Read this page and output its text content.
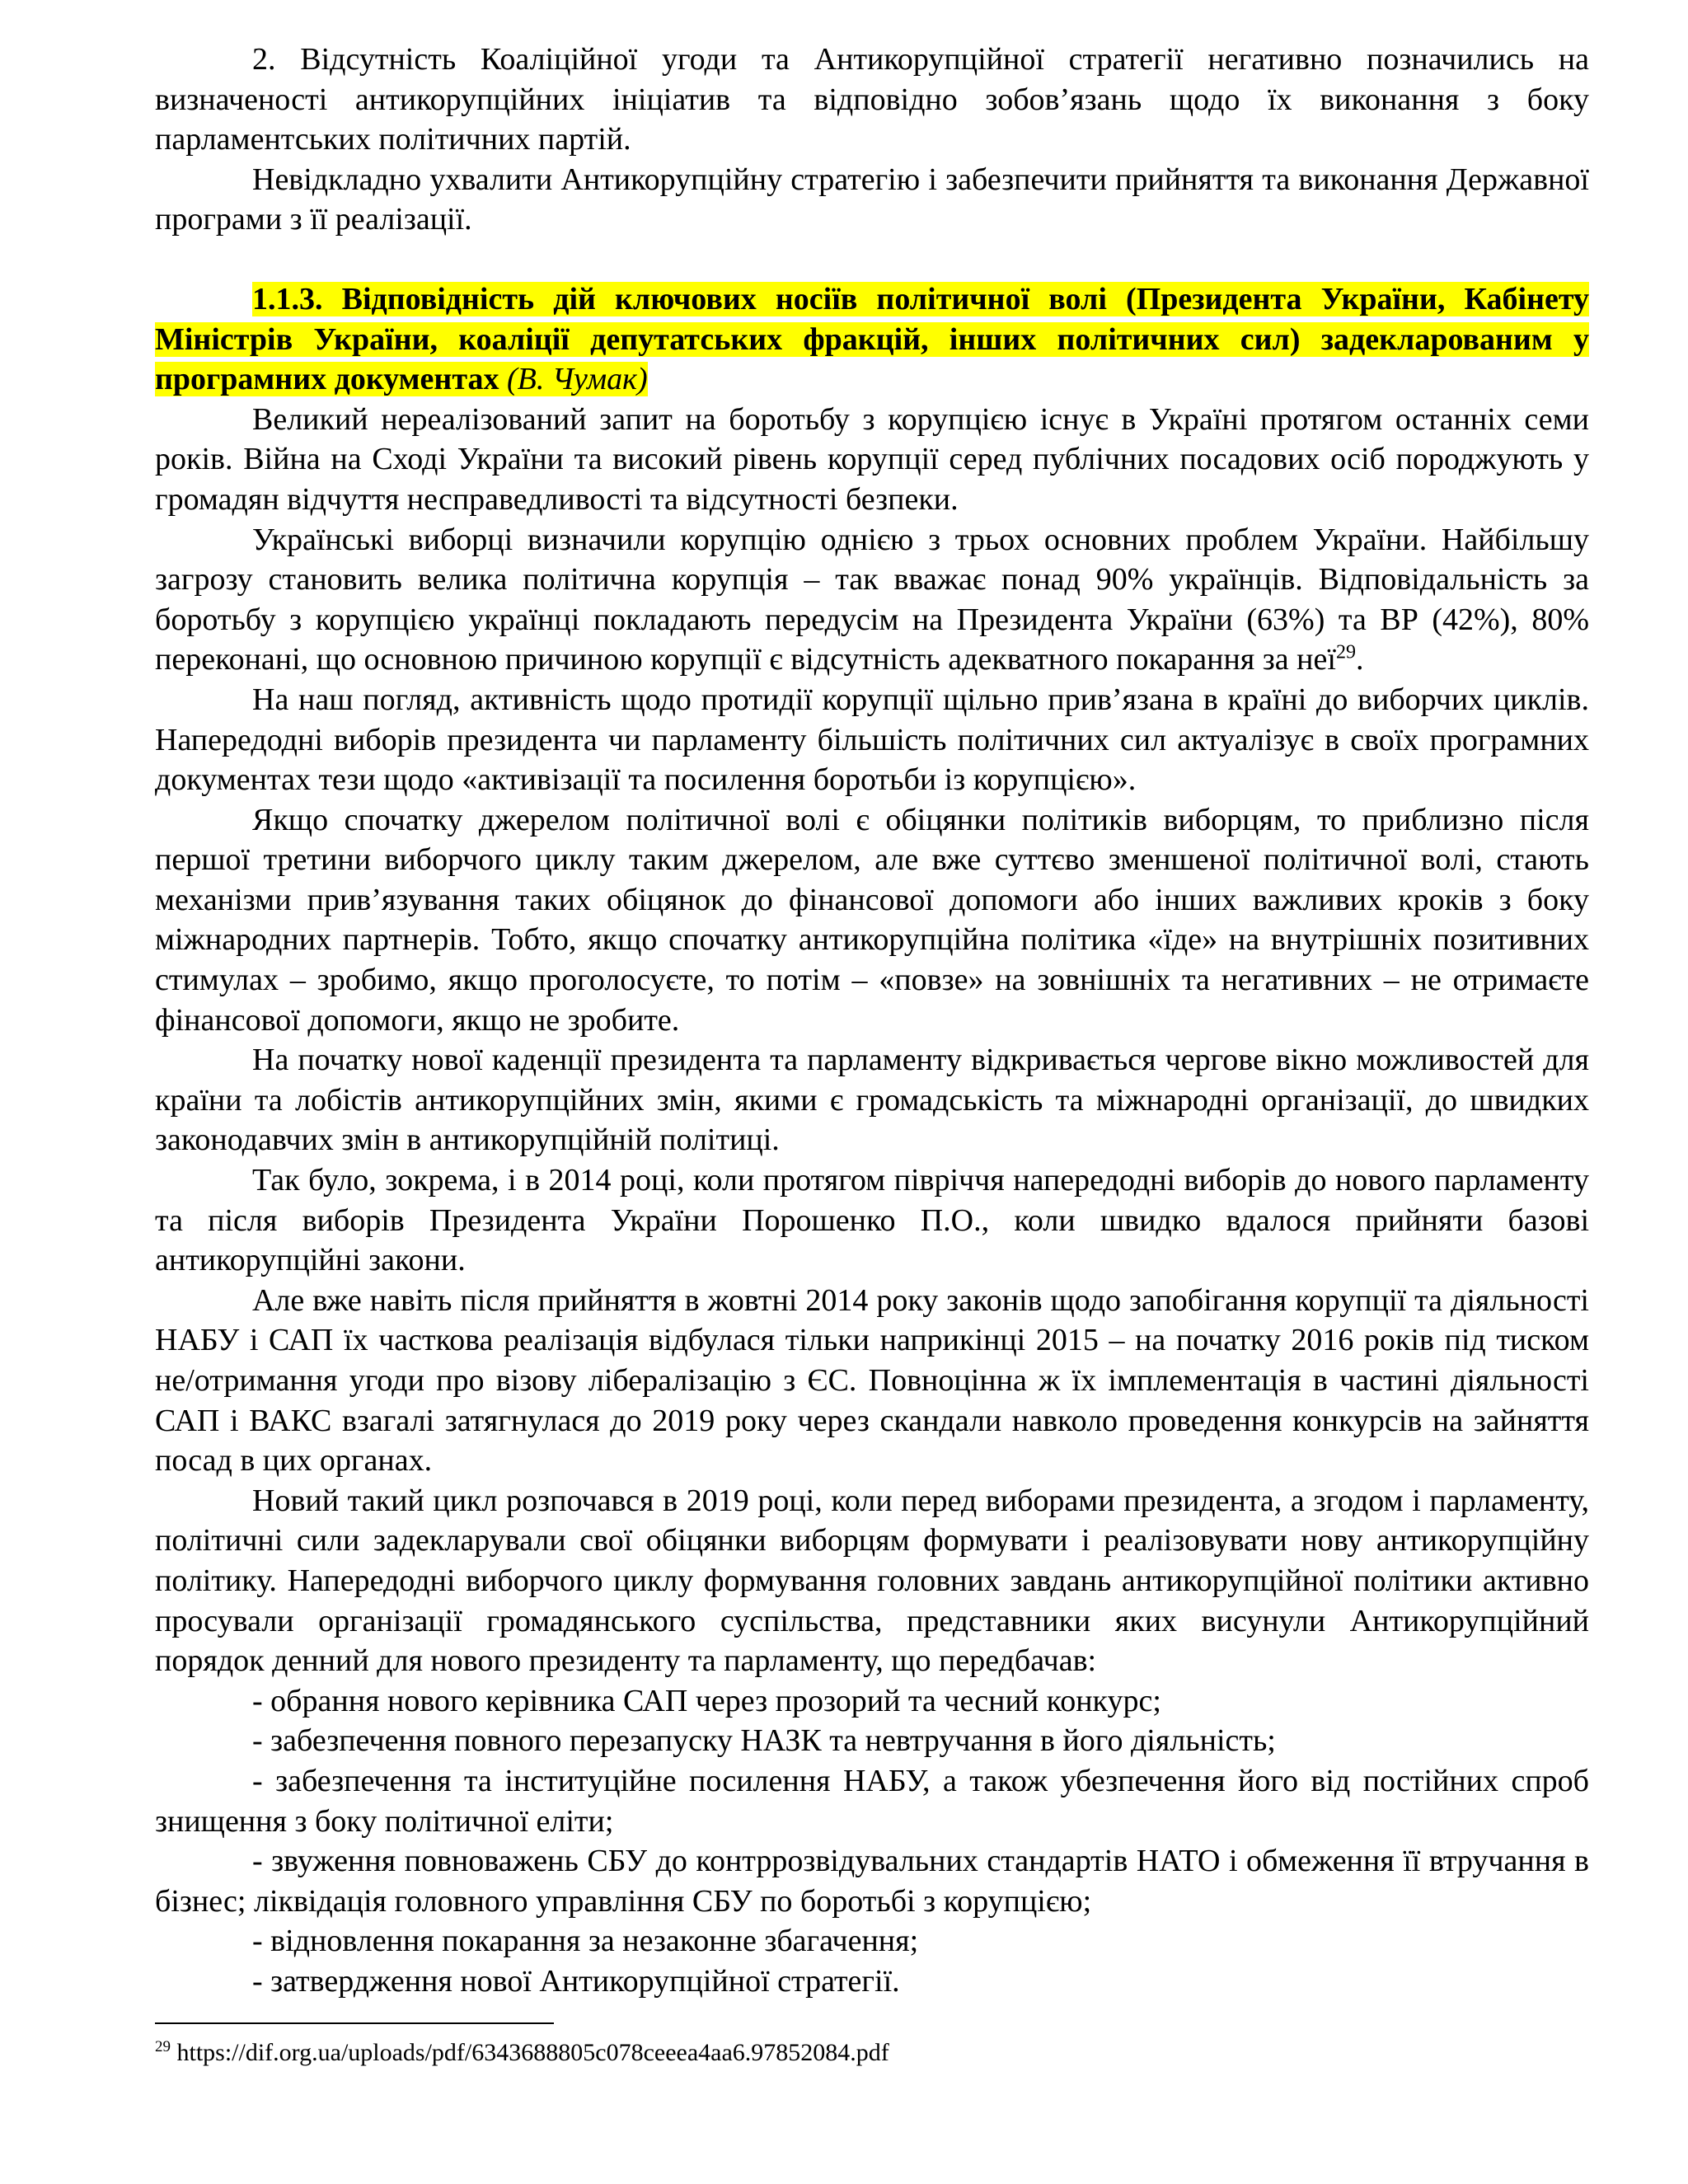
2. Відсутність Коаліційної угоди та Антикорупційної стратегії негативно позначились на визначеності антикорупційних ініціатив та відповідно зобов’язань щодо їх виконання з боку парламентських політичних партій.

Невідкладно ухвалити Антикорупційну стратегію і забезпечити прийняття та виконання Державної програми з її реалізації.

1.1.3. Відповідність дій ключових носіїв політичної волі (Президента України, Кабінету Міністрів України, коаліції депутатських фракцій, інших політичних сил) задекларованим у програмних документах (В. Чумак)

Великий нереалізований запит на боротьбу з корупцією існує в Україні протягом останніх семи років. Війна на Сході України та високий рівень корупції серед публічних посадових осіб породжують у громадян відчуття несправедливості та відсутності безпеки.

Українські виборці визначили корупцію однією з трьох основних проблем України. Найбільшу загрозу становить велика політична корупція – так вважає понад 90% українців. Відповідальність за боротьбу з корупцією українці покладають передусім на Президента України (63%) та ВР (42%), 80% переконані, що основною причиною корупції є відсутність адекватного покарання за неї$^{29}$.

На наш погляд, активність щодо протидії корупції щільно прив’язана в країні до виборчих циклів. Напередодні виборів президента чи парламенту більшість політичних сил актуалізує в своїх програмних документах тези щодо «активізації та посилення боротьби із корупцією».

Якщо спочатку джерелом політичної волі є обіцянки політиків виборцям, то приблизно після першої третини виборчого циклу таким джерелом, але вже суттєво зменшеної політичної волі, стають механізми прив’язування таких обіцянок до фінансової допомоги або інших важливих кроків з боку міжнародних партнерів. Тобто, якщо спочатку антикорупційна політика «їде» на внутрішніх позитивних стимулах – зробимо, якщо проголосуєте, то потім – «повзе» на зовнішніх та негативних – не отримаєте фінансової допомоги, якщо не зробите.

На початку нової каденції президента та парламенту відкривається чергове вікно можливостей для країни та лобістів антикорупційних змін, якими є громадськість та міжнародні організації, до швидких законодавчих змін в антикорупційній політиці.

Так було, зокрема, і в 2014 році, коли протягом півріччя напередодні виборів до нового парламенту та після виборів Президента України Порошенко П.О., коли швидко вдалося прийняти базові антикорупційні закони.

Але вже навіть після прийняття в жовтні 2014 року законів щодо запобігання корупції та діяльності НАБУ і САП їх часткова реалізація відбулася тільки наприкінці 2015 – на початку 2016 років під тиском не/отримання угоди про візову лібералізацію з ЄС. Повноцінна ж їх імплементація в частині діяльності САП і ВАКС взагалі затягнулася до 2019 року через скандали навколо проведення конкурсів на зайняття посад в цих органах.

Новий такий цикл розпочався в 2019 році, коли перед виборами президента, а згодом і парламенту, політичні сили задекларували свої обіцянки виборцям формувати і реалізовувати нову антикорупційну політику. Напередодні виборчого циклу формування головних завдань антикорупційної політики активно просували організації громадянського суспільства, представники яких висунули Антикорупційний порядок денний для нового президенту та парламенту, що передбачав:

- обрання нового керівника САП через прозорий та чесний конкурс;

- забезпечення повного перезапуску НАЗК та невтручання в його діяльність;

- забезпечення та інституційне посилення НАБУ, а також убезпечення його від постійних спроб знищення з боку політичної еліти;

- звуження повноважень СБУ до контррозвідувальних стандартів НАТО і обмеження її втручання в бізнес; ліквідація головного управління СБУ по боротьбі з корупцією;

- відновлення покарання за незаконне збагачення;

- затвердження нової Антикорупційної стратегії.

$^{29}$ https://dif.org.ua/uploads/pdf/6343688805c078ceeea4aa6.97852084.pdf
